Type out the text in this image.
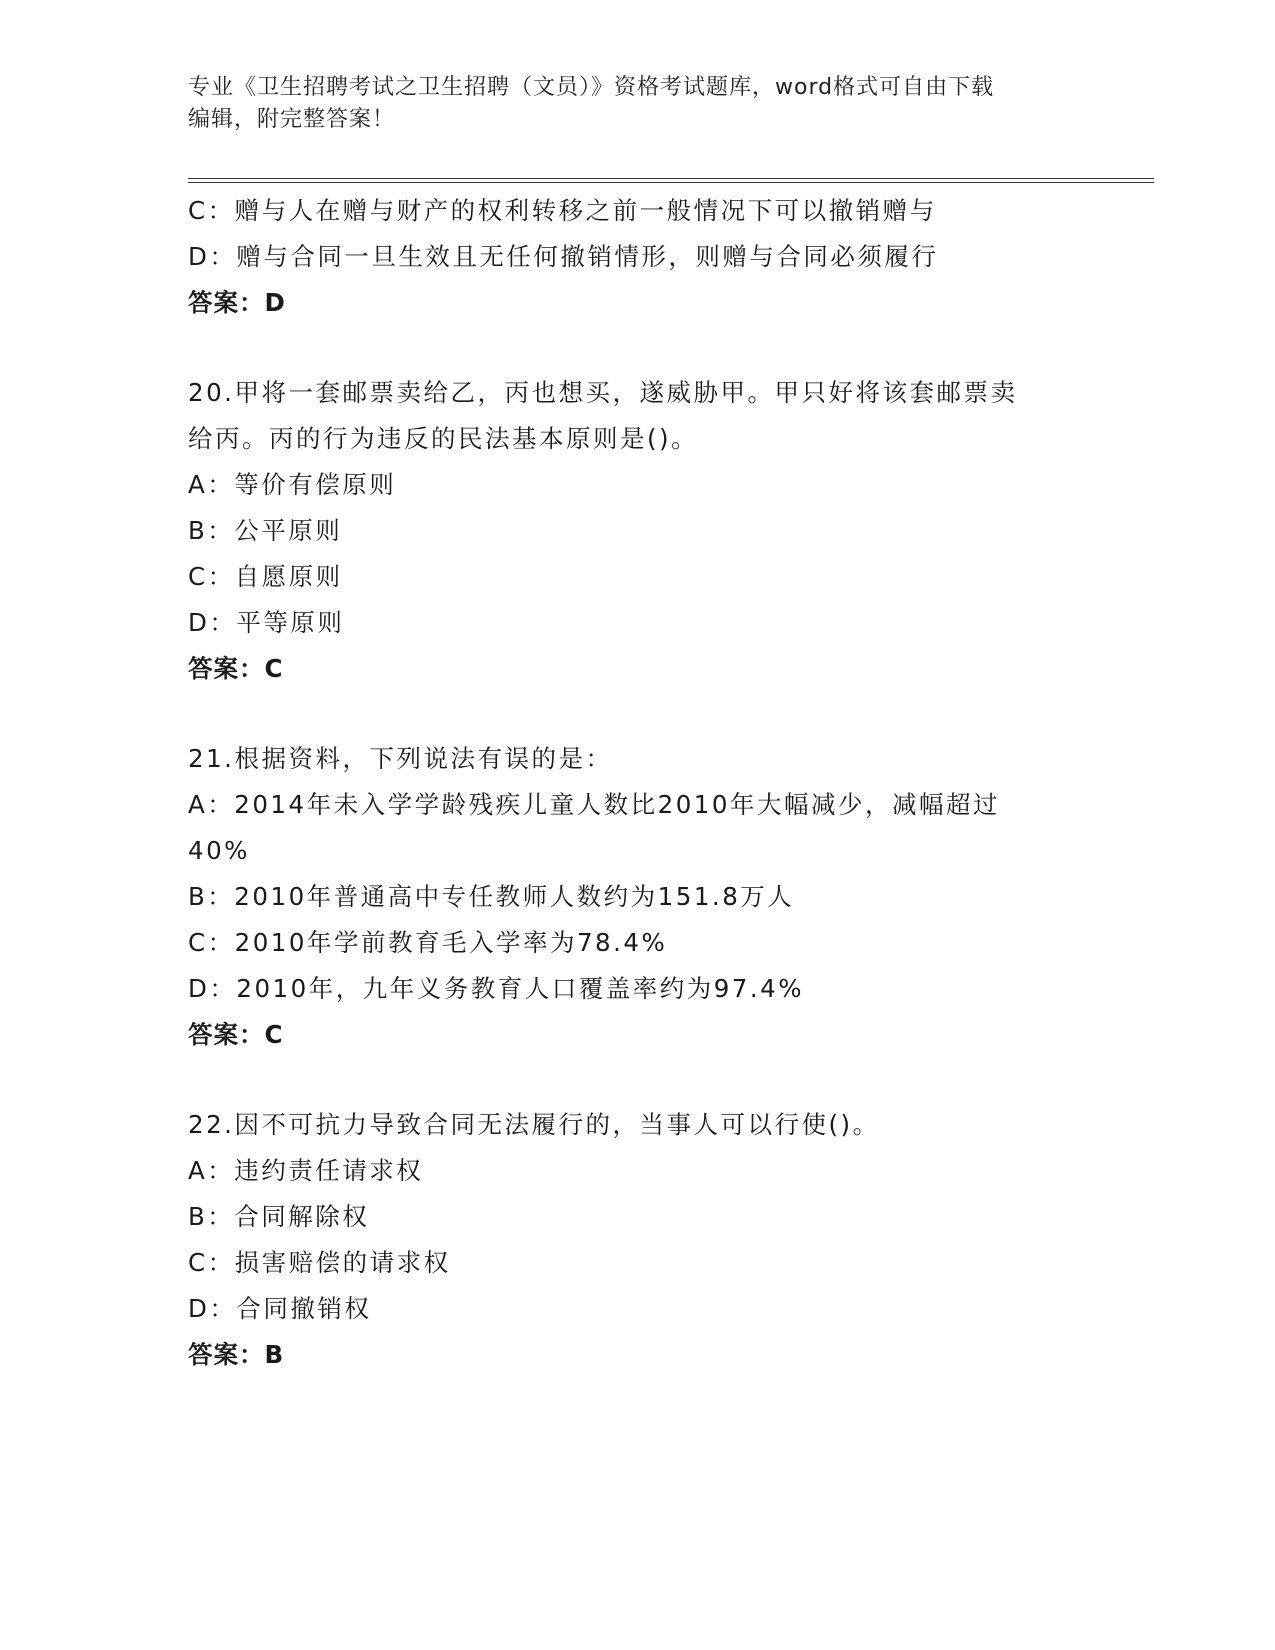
专业《卫生招聘考试之卫生招聘（文员）》资格考试题库，word格式可自由下载
编辑，附完整答案！
C：赠与人在赠与财产的权利转移之前一般情况下可以撤销赠与
D：赠与合同一旦生效且无任何撤销情形，则赠与合同必须履行
答案：D
20.甲将一套邮票卖给乙，丙也想买，遂威胁甲。甲只好将该套邮票卖
给丙。丙的行为违反的民法基本原则是()。
A：等价有偿原则
B：公平原则
C：自愿原则
D：平等原则
答案：C
21.根据资料，下列说法有误的是：
A：2014年未入学学龄残疾儿童人数比2010年大幅减少，减幅超过
40%
B：2010年普通高中专任教师人数约为151.8万人
C：2010年学前教育毛入学率为78.4%
D：2010年，九年义务教育人口覆盖率约为97.4%
答案：C
22.因不可抗力导致合同无法履行的，当事人可以行使()。
A：违约责任请求权
B：合同解除权
C：损害赔偿的请求权
D：合同撤销权
答案：B
